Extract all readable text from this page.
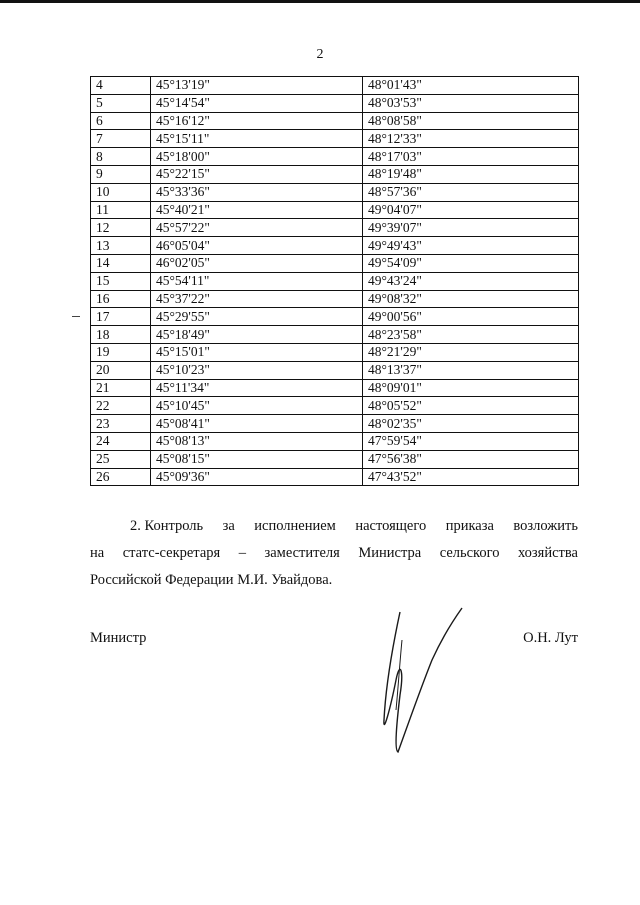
2
4	45°13'19"	48°01'43"
5	45°14'54"	48°03'53"
6	45°16'12"	48°08'58"
7	45°15'11"	48°12'33"
8	45°18'00"	48°17'03"
9	45°22'15"	48°19'48"
10	45°33'36"	48°57'36"
11	45°40'21"	49°04'07"
12	45°57'22"	49°39'07"
13	46°05'04"	49°49'43"
14	46°02'05"	49°54'09"
15	45°54'11"	49°43'24"
16	45°37'22"	49°08'32"
17	45°29'55"	49°00'56"
18	45°18'49"	48°23'58"
19	45°15'01"	48°21'29"
20	45°10'23"	48°13'37"
21	45°11'34"	48°09'01"
22	45°10'45"	48°05'52"
23	45°08'41"	48°02'35"
24	45°08'13"	47°59'54"
25	45°08'15"	47°56'38"
26	45°09'36"	47°43'52"
2. Контроль за исполнением настоящего приказа возложить
на статс-секретаря – заместителя Министра сельского хозяйства
Российской Федерации М.И. Увайдова.
Министр	О.Н. Лут
